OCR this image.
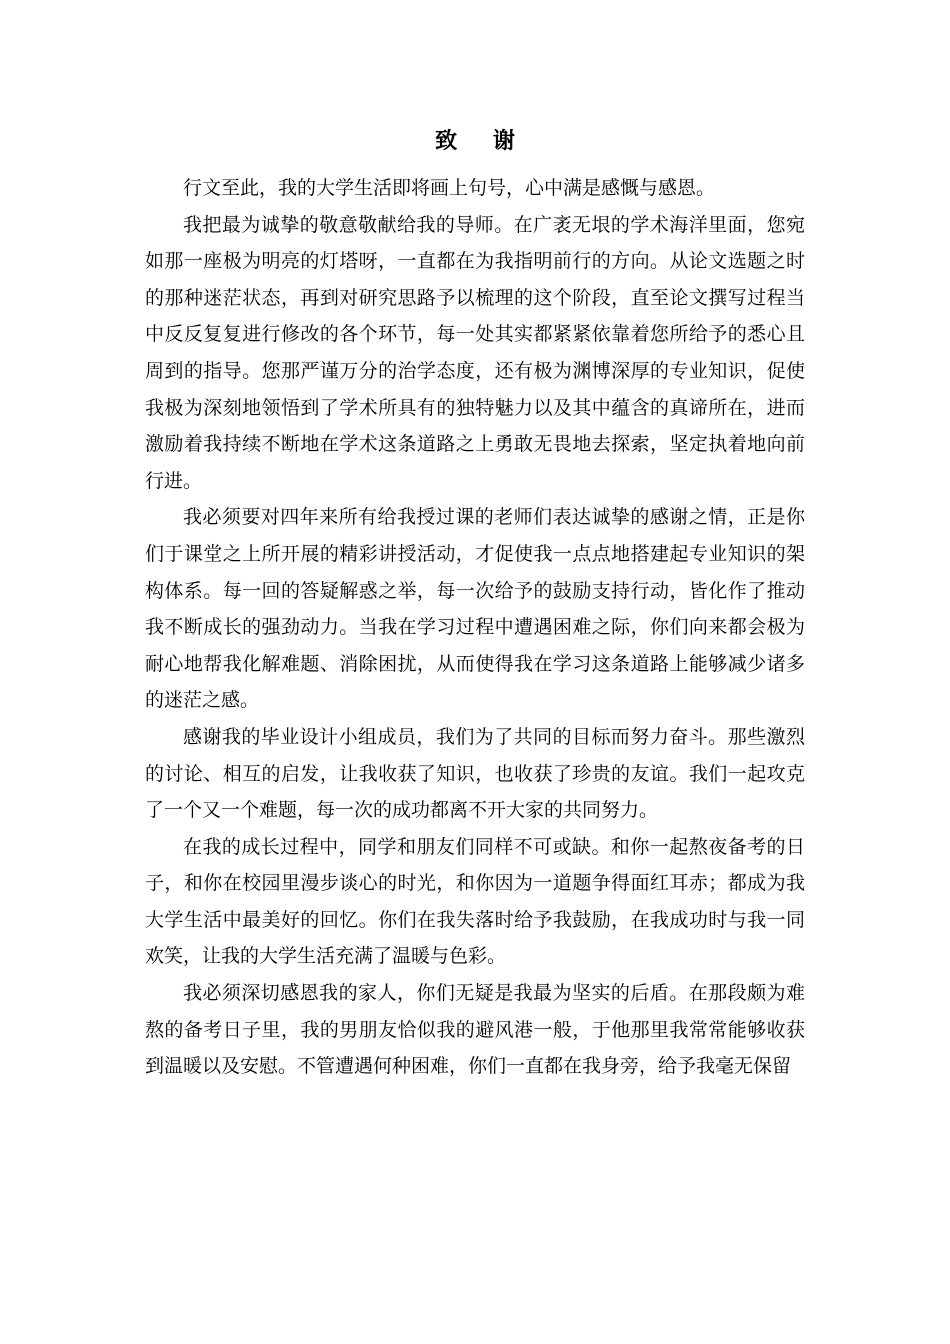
致 谢

行文至此，我的大学生活即将画上句号，心中满是感慨与感恩。

我把最为诚挚的敬意敬献给我的导师。在广袤无垠的学术海洋里面，您宛如那一座极为明亮的灯塔呀，一直都在为我指明前行的方向。从论文选题之时的那种迷茫状态，再到对研究思路予以梳理的这个阶段，直至论文撰写过程当中反反复复进行修改的各个环节，每一处其实都紧紧依靠着您所给予的悉心且周到的指导。您那严谨万分的治学态度，还有极为渊博深厚的专业知识，促使我极为深刻地领悟到了学术所具有的独特魅力以及其中蕴含的真谛所在，进而激励着我持续不断地在学术这条道路之上勇敢无畏地去探索，坚定执着地向前行进。

我必须要对四年来所有给我授过课的老师们表达诚挚的感谢之情，正是你们于课堂之上所开展的精彩讲授活动，才促使我一点点地搭建起专业知识的架构体系。每一回的答疑解惑之举，每一次给予的鼓励支持行动，皆化作了推动我不断成长的强劲动力。当我在学习过程中遭遇困难之际，你们向来都会极为耐心地帮我化解难题、消除困扰，从而使得我在学习这条道路上能够减少诸多的迷茫之感。

感谢我的毕业设计小组成员，我们为了共同的目标而努力奋斗。那些激烈的讨论、相互的启发，让我收获了知识，也收获了珍贵的友谊。我们一起攻克了一个又一个难题，每一次的成功都离不开大家的共同努力。

在我的成长过程中，同学和朋友们同样不可或缺。和你一起熬夜备考的日子，和你在校园里漫步谈心的时光，和你因为一道题争得面红耳赤；都成为我大学生活中最美好的回忆。你们在我失落时给予我鼓励，在我成功时与我一同欢笑，让我的大学生活充满了温暖与色彩。

我必须深切感恩我的家人，你们无疑是我最为坚实的后盾。在那段颇为难熬的备考日子里，我的男朋友恰似我的避风港一般，于他那里我常常能够收获到温暖以及安慰。不管遭遇何种困难，你们一直都在我身旁，给予我毫无保留
